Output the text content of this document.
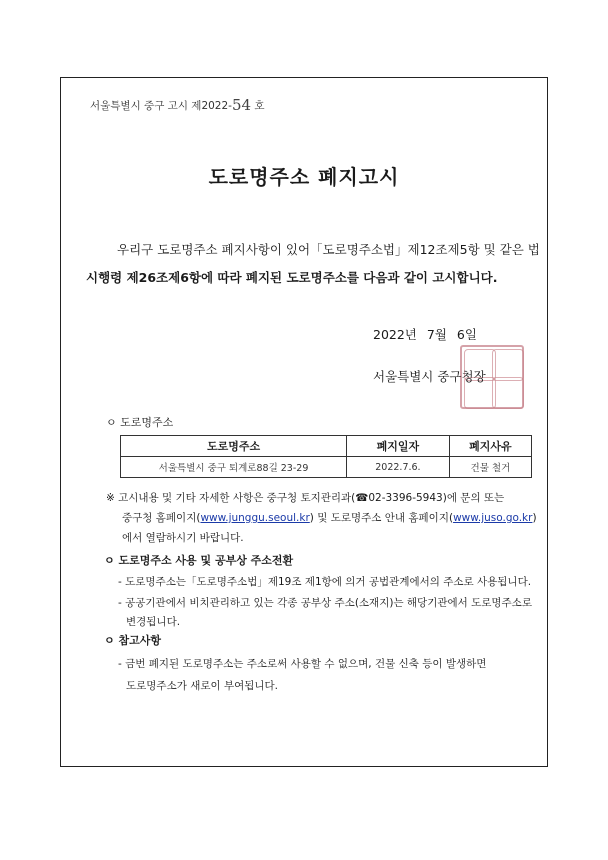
서울특별시 중구 고시 제2022-54 호
도로명주소 폐지고시
우리구 도로명주소 폐지사항이 있어「도로명주소법」제12조제5항 및 같은 법
시행령 제26조제6항에 따라 폐지된 도로명주소를 다음과 같이 고시합니다.
2022년 7월 6일
서울특별시 중구청장
ㅇ 도로명주소
도로명주소	폐지일자	폐지사유
서울특별시 중구 퇴계로88길 23-29	2022.7.6.	건물 철거
※ 고시내용 및 기타 자세한 사항은 중구청 토지관리과(☎02-3396-5943)에 문의 또는
중구청 홈페이지(www.junggu.seoul.kr) 및 도로명주소 안내 홈페이지(www.juso.go.kr)
에서 열람하시기 바랍니다.
ㅇ 도로명주소 사용 및 공부상 주소전환
- 도로명주소는「도로명주소법」제19조 제1항에 의거 공법관계에서의 주소로 사용됩니다.
- 공공기관에서 비치관리하고 있는 각종 공부상 주소(소재지)는 해당기관에서 도로명주소로
변경됩니다.
ㅇ 참고사항
- 금번 폐지된 도로명주소는 주소로써 사용할 수 없으며, 건물 신축 등이 발생하면
도로명주소가 새로이 부여됩니다.
